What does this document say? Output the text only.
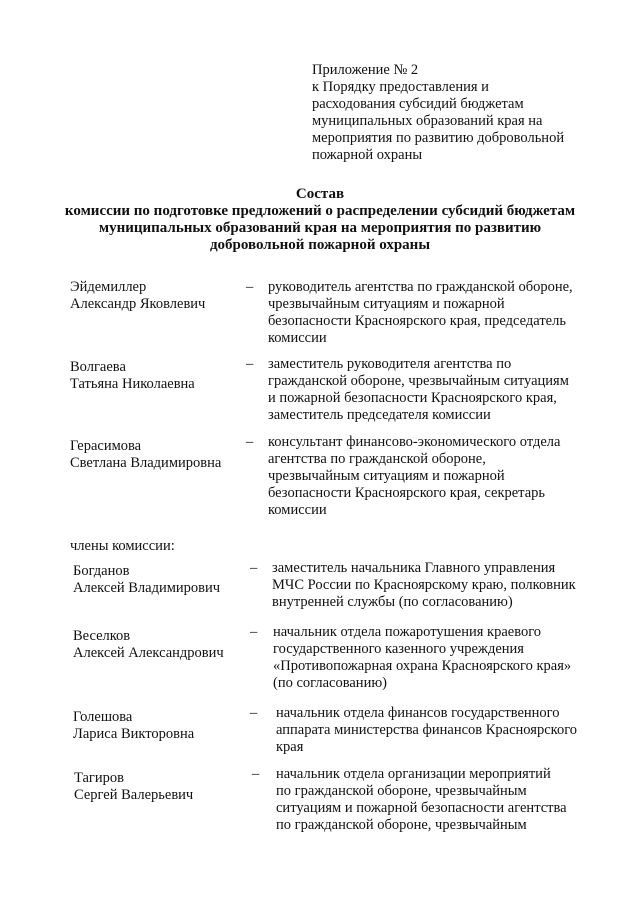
Приложение № 2
к Порядку предоставления и
расходования субсидий бюджетам
муниципальных образований края на
мероприятия по развитию добровольной
пожарной охраны
Состав
комиссии по подготовке предложений о распределении субсидий бюджетам
муниципальных образований края на мероприятия по развитию
добровольной пожарной охраны
Эйдемиллер
Александр Яковлевич
– руководитель агентства по гражданской обороне,
чрезвычайным ситуациям и пожарной
безопасности Красноярского края, председатель
комиссии
Волгаева
Татьяна Николаевна
– заместитель руководителя агентства по
гражданской обороне, чрезвычайным ситуациям
и пожарной безопасности Красноярского края,
заместитель председателя комиссии
Герасимова
Светлана Владимировна
– консультант финансово-экономического отдела
агентства по гражданской обороне,
чрезвычайным ситуациям и пожарной
безопасности Красноярского края, секретарь
комиссии
члены комиссии:
Богданов
Алексей Владимирович
– заместитель начальника Главного управления
МЧС России по Красноярскому краю, полковник
внутренней службы (по согласованию)
Веселков
Алексей Александрович
– начальник отдела пожаротушения краевого
государственного казенного учреждения
«Противопожарная охрана Красноярского края»
(по согласованию)
Голешова
Лариса Викторовна
– начальник отдела финансов государственного
аппарата министерства финансов Красноярского
края
Тагиров
Сергей Валерьевич
– начальник отдела организации мероприятий
по гражданской обороне, чрезвычайным
ситуациям и пожарной безопасности агентства
по гражданской обороне, чрезвычайным
